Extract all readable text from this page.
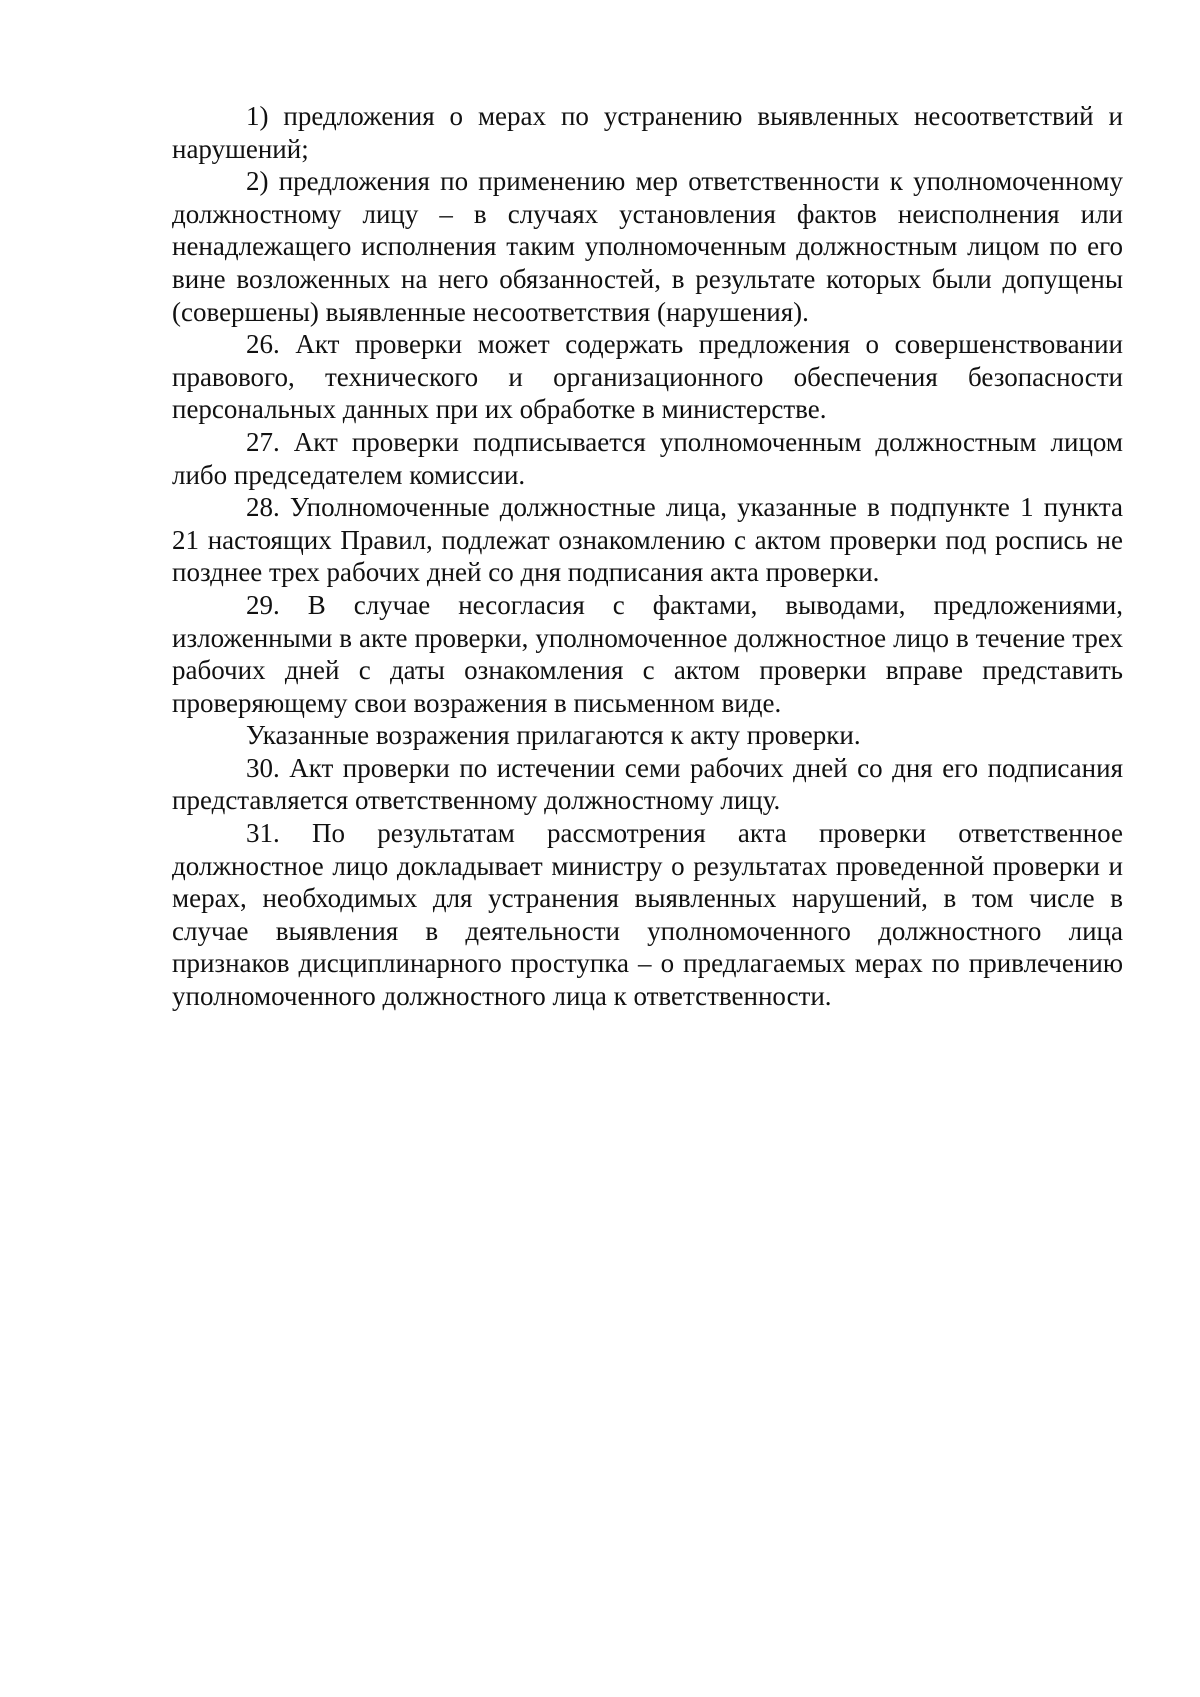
1) предложения о мерах по устранению выявленных несоответствий и нарушений;

2) предложения по применению мер ответственности к уполномоченному должностному лицу – в случаях установления фактов неисполнения или ненадлежащего исполнения таким уполномоченным должностным лицом по его вине возложенных на него обязанностей, в результате которых были допущены (совершены) выявленные несоответствия (нарушения).

26. Акт проверки может содержать предложения о совершенствовании правового, технического и организационного обеспечения безопасности персональных данных при их обработке в министерстве.

27. Акт проверки подписывается уполномоченным должностным лицом либо председателем комиссии.

28. Уполномоченные должностные лица, указанные в подпункте 1 пункта 21 настоящих Правил, подлежат ознакомлению с актом проверки под роспись не позднее трех рабочих дней со дня подписания акта проверки.

29. В случае несогласия с фактами, выводами, предложениями, изложенными в акте проверки, уполномоченное должностное лицо в течение трех рабочих дней с даты ознакомления с актом проверки вправе представить проверяющему свои возражения в письменном виде.

Указанные возражения прилагаются к акту проверки.

30. Акт проверки по истечении семи рабочих дней со дня его подписания представляется ответственному должностному лицу.

31. По результатам рассмотрения акта проверки ответственное должностное лицо докладывает министру о результатах проведенной проверки и мерах, необходимых для устранения выявленных нарушений, в том числе в случае выявления в деятельности уполномоченного должностного лица признаков дисциплинарного проступка – о предлагаемых мерах по привлечению уполномоченного должностного лица к ответственности.
